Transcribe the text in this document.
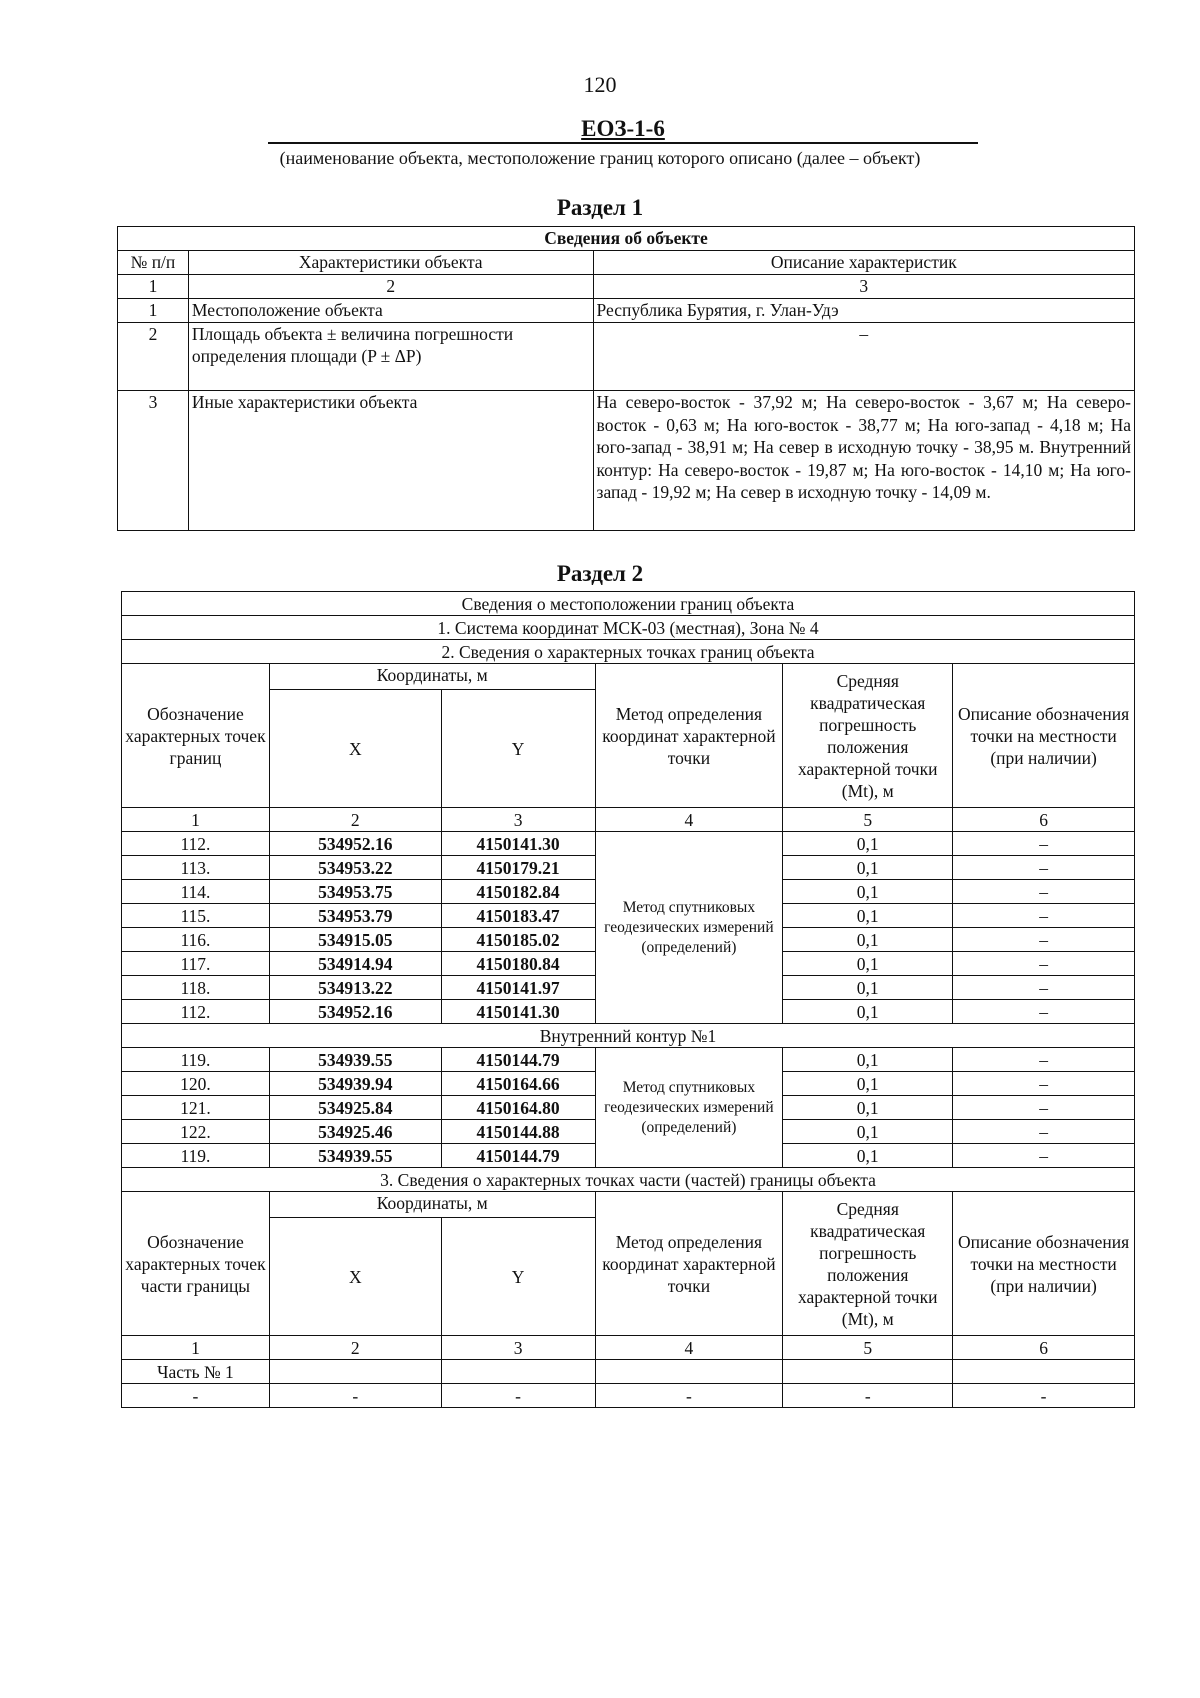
120
ЕОЗ-1-6
(наименование объекта, местоположение границ которого описано (далее – объект)
Раздел 1
Сведения об объекте		
№ п/п	Характеристики объекта	Описание характеристик
1	2	3
1	Местоположение объекта	Республика Бурятия, г. Улан-Удэ
2	Площадь объекта ± величина погрешности определения площади (P ± ΔP)	–
3	Иные характеристики объекта	На северо-восток - 37,92 м; На северо-восток - 3,67 м; На северо-восток - 0,63 м; На юго-восток - 38,77 м; На юго-запад - 4,18 м; На юго-запад - 38,91 м; На север в исходную точку - 38,95 м. Внутренний контур: На северо-восток - 19,87 м; На юго-восток - 14,10 м; На юго-запад - 19,92 м; На север в исходную точку - 14,09 м.
Раздел 2
Сведения о местоположении границ объекта					
1. Система координат МСК-03 (местная), Зона № 4					
2. Сведения о характерных точках границ объекта					
Обозначение характерных точек границ	Координаты, м		Метод определения координат характерной точки	Средняя квадратическая погрешность положения характерной точки (Mt), м	Описание обозначения точки на местности (при наличии)
	X	Y			
1	2	3	4	5	6
112.	534952.16	4150141.30	Метод спутниковых геодезических измерений (определений)	0,1	–
113.	534953.22	4150179.21		0,1	–
114.	534953.75	4150182.84		0,1	–
115.	534953.79	4150183.47		0,1	–
116.	534915.05	4150185.02		0,1	–
117.	534914.94	4150180.84		0,1	–
118.	534913.22	4150141.97		0,1	–
112.	534952.16	4150141.30		0,1	–
Внутренний контур №1					
119.	534939.55	4150144.79	Метод спутниковых геодезических измерений (определений)	0,1	–
120.	534939.94	4150164.66		0,1	–
121.	534925.84	4150164.80		0,1	–
122.	534925.46	4150144.88		0,1	–
119.	534939.55	4150144.79		0,1	–
3. Сведения о характерных точках части (частей) границы объекта					
Обозначение характерных точек части границы	Координаты, м		Метод определения координат характерной точки	Средняя квадратическая погрешность положения характерной точки (Mt), м	Описание обозначения точки на местности (при наличии)
	X	Y			
1	2	3	4	5	6
Часть № 1					
-	-	-	-	-	-
